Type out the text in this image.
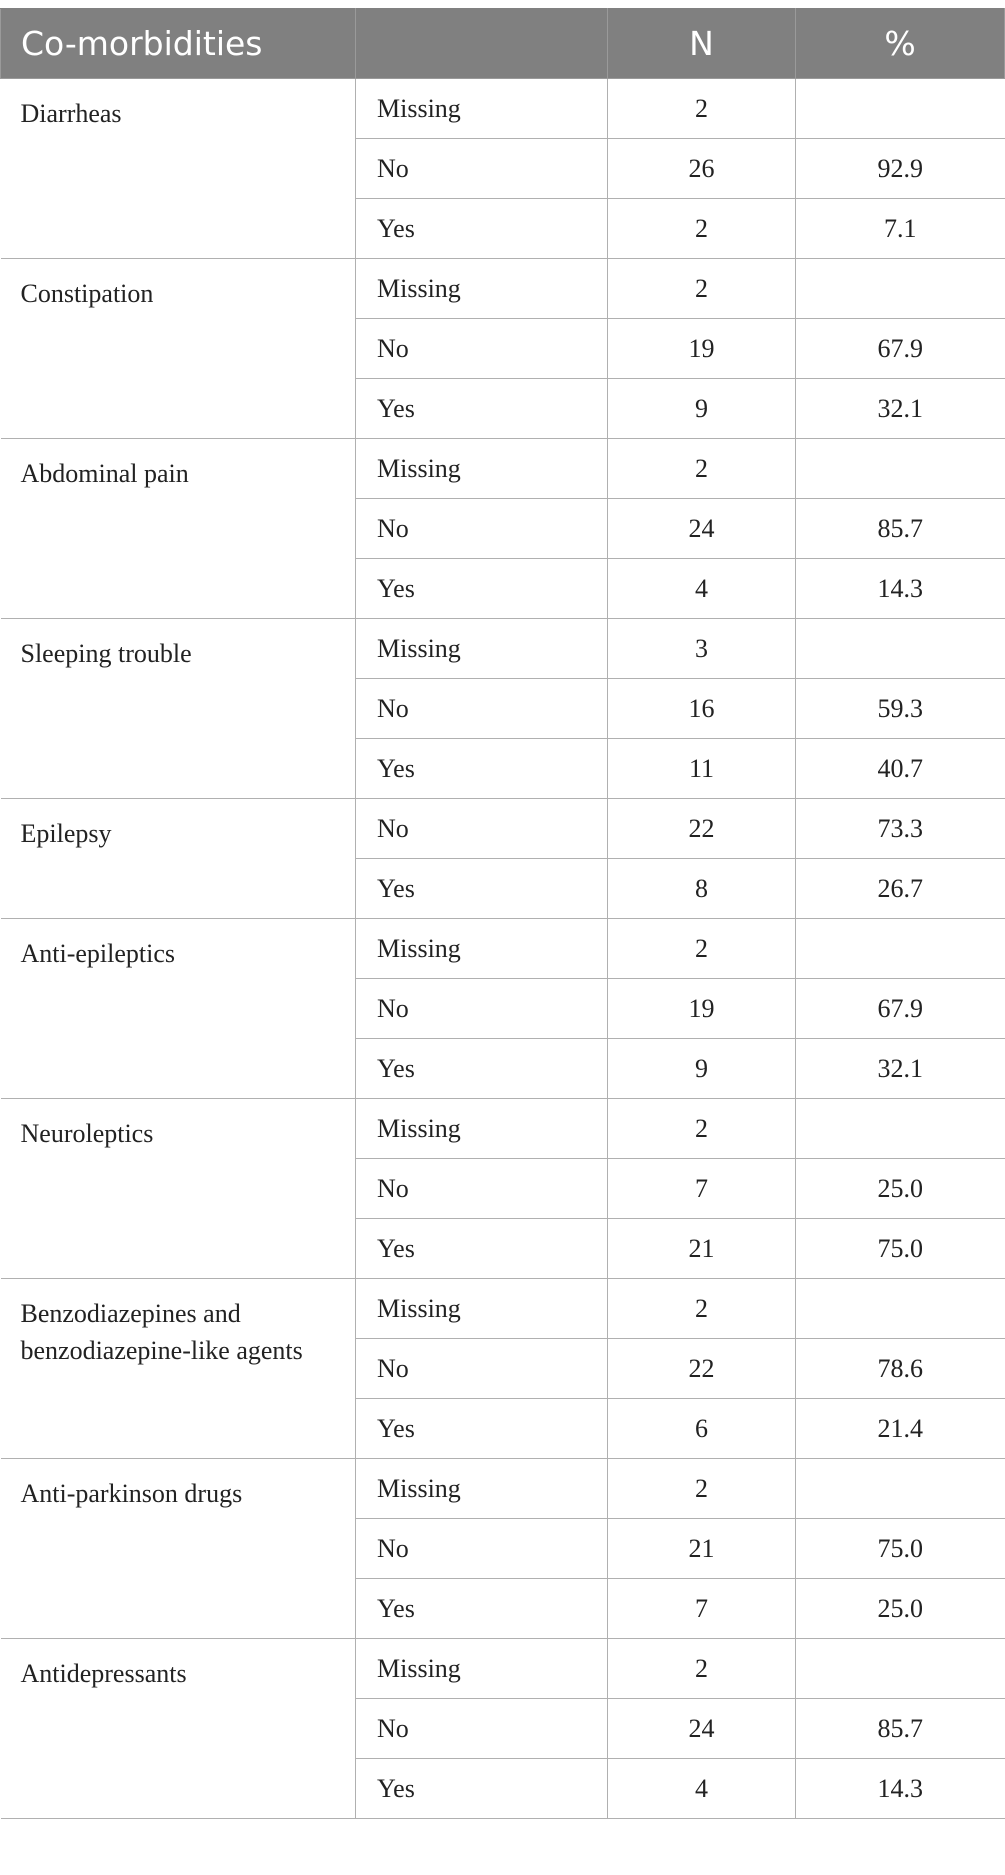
Co-morbidities		N	%
Diarrheas	Missing	2	
	No	26	92.9
	Yes	2	7.1
Constipation	Missing	2	
	No	19	67.9
	Yes	9	32.1
Abdominal pain	Missing	2	
	No	24	85.7
	Yes	4	14.3
Sleeping trouble	Missing	3	
	No	16	59.3
	Yes	11	40.7
Epilepsy	No	22	73.3
	Yes	8	26.7
Anti-epileptics	Missing	2	
	No	19	67.9
	Yes	9	32.1
Neuroleptics	Missing	2	
	No	7	25.0
	Yes	21	75.0
Benzodiazepines and benzodiazepine-like agents	Missing	2	
	No	22	78.6
	Yes	6	21.4
Anti-parkinson drugs	Missing	2	
	No	21	75.0
	Yes	7	25.0
Antidepressants	Missing	2	
	No	24	85.7
	Yes	4	14.3
